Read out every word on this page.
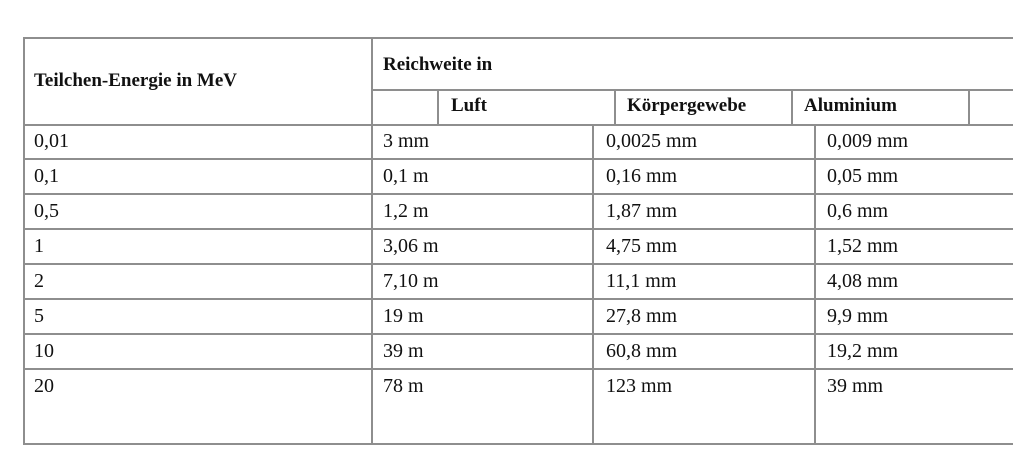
Teilchen-Energie in MeV
Reichweite in
Luft	Körpergewebe	Aluminium
0,01	3 mm	0,0025 mm	0,009 mm
0,1	0,1 m	0,16 mm	0,05 mm
0,5	1,2 m	1,87 mm	0,6 mm
1	3,06 m	4,75 mm	1,52 mm
2	7,10 m	11,1 mm	4,08 mm
5	19 m	27,8 mm	9,9 mm
10	39 m	60,8 mm	19,2 mm
20	78 m	123 mm	39 mm
